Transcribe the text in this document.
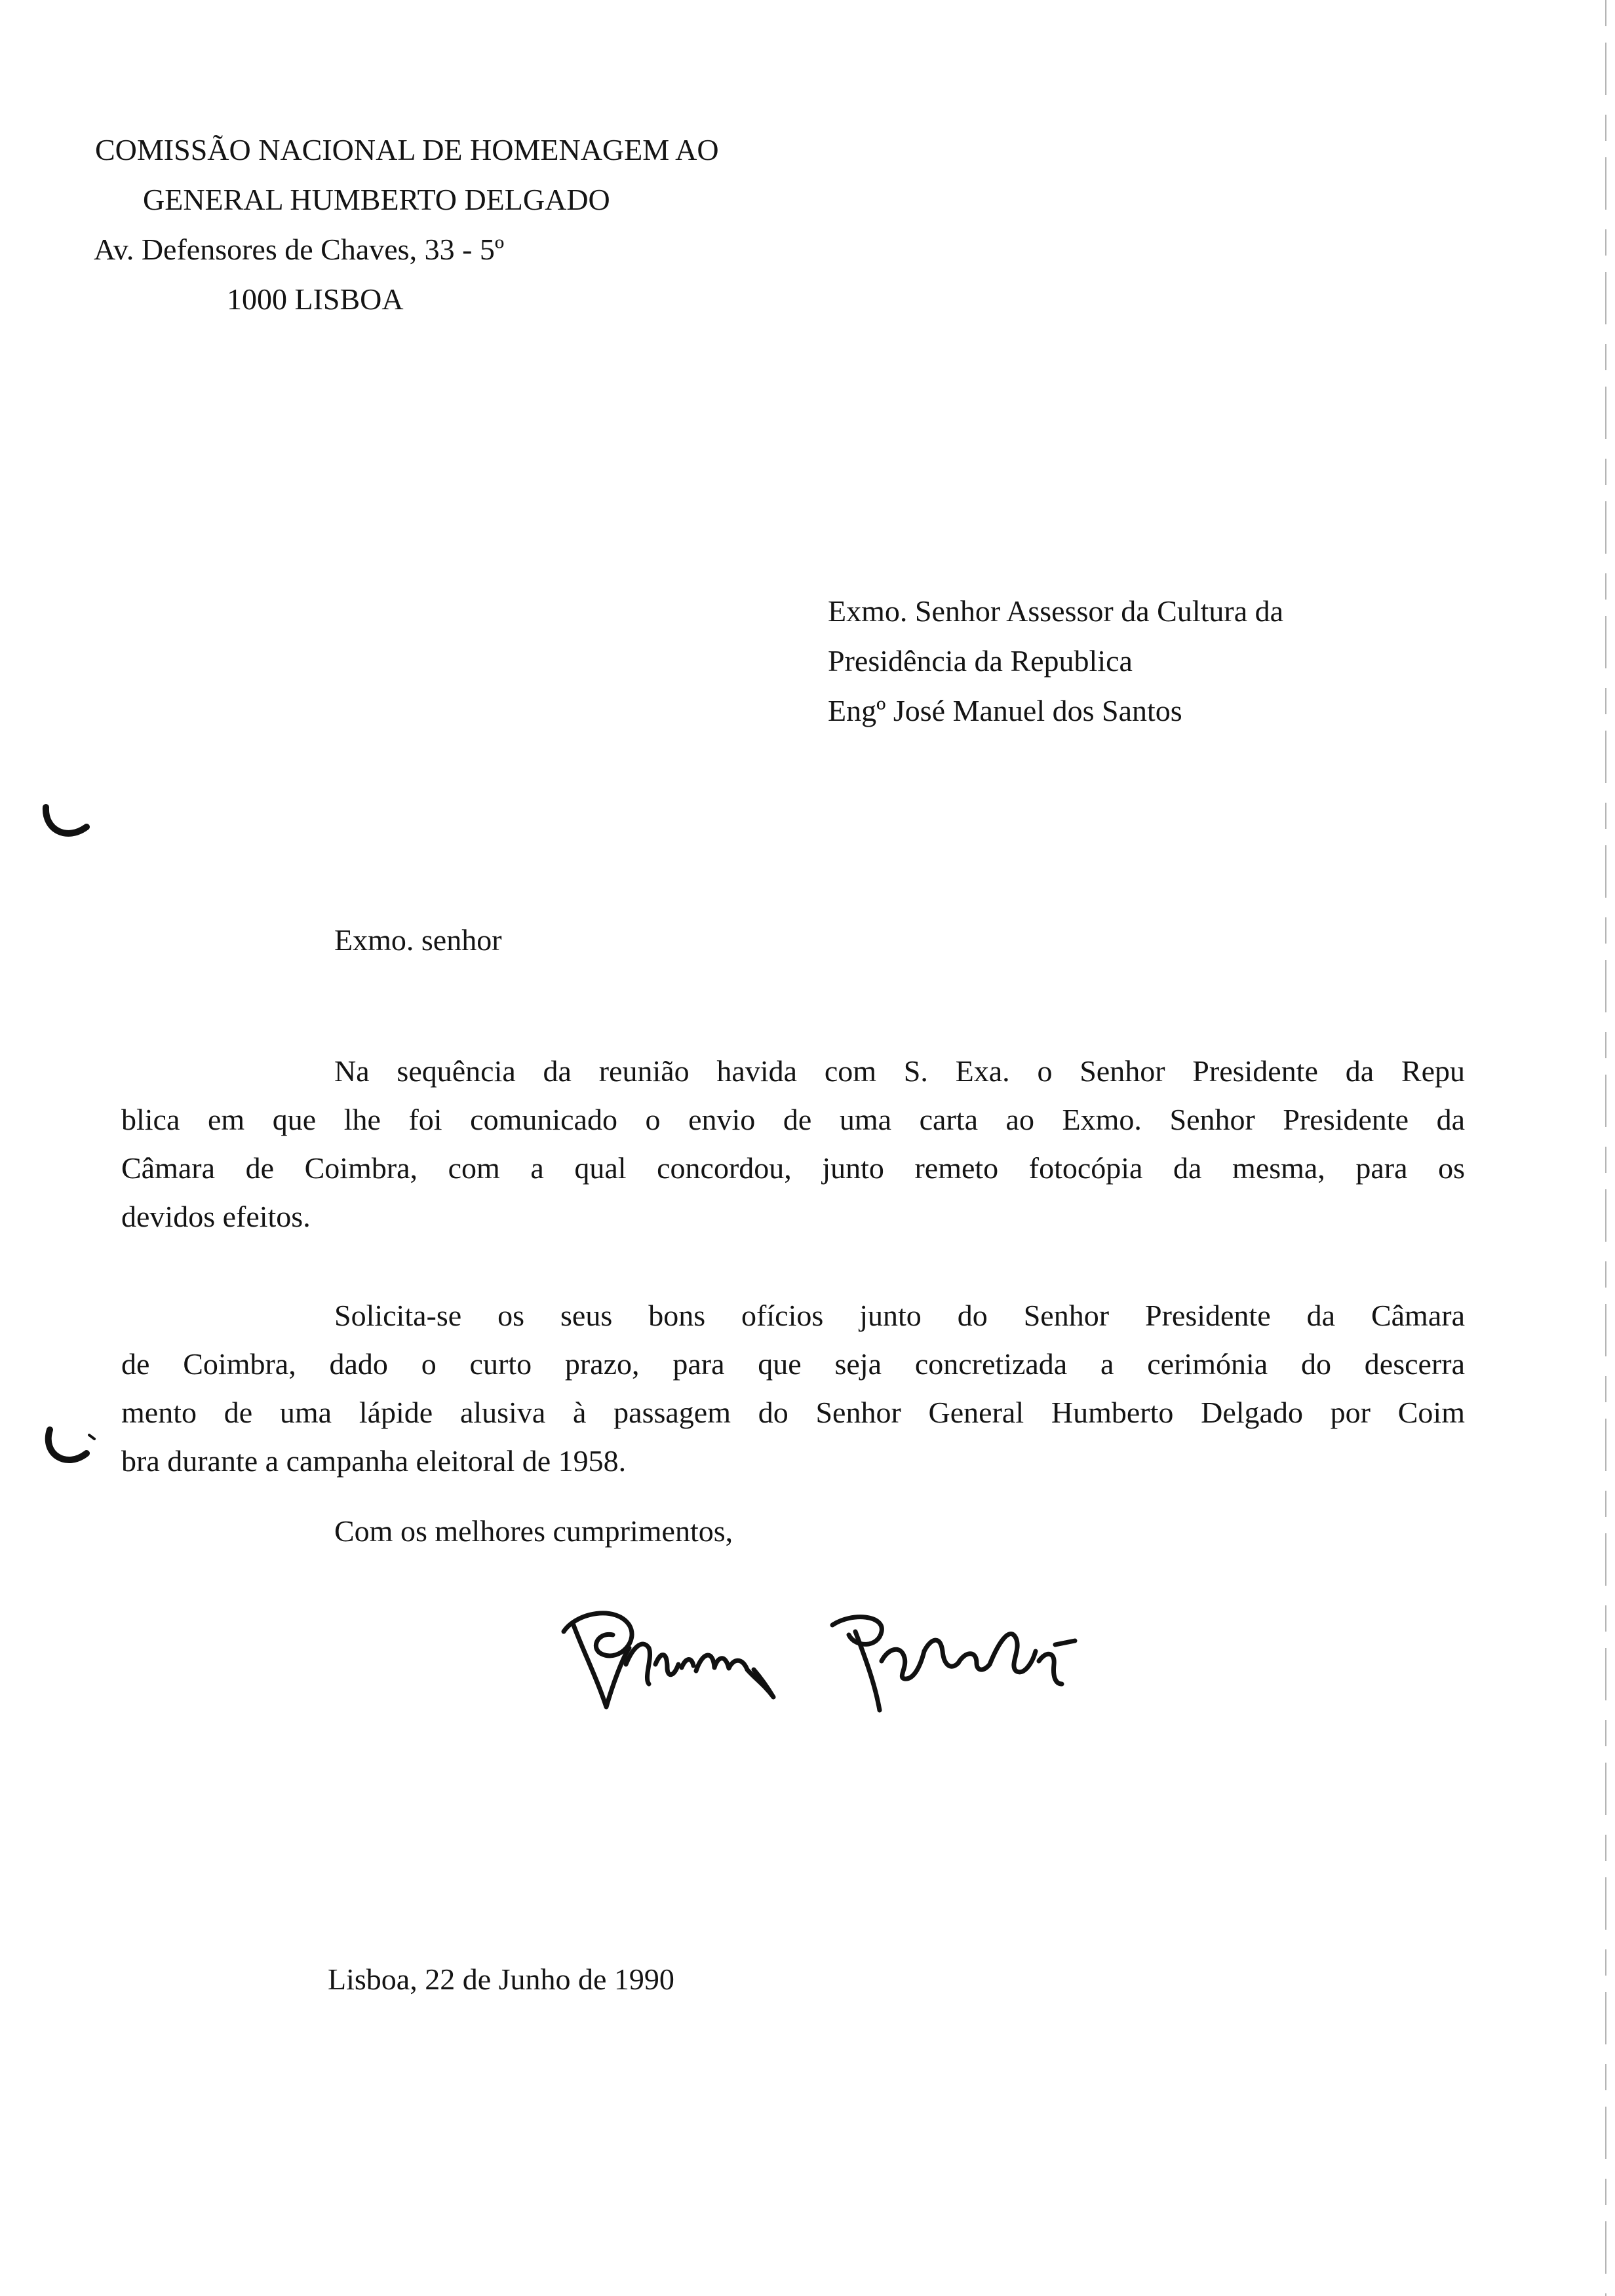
COMISSÃO NACIONAL DE HOMENAGEM AO

GENERAL HUMBERTO DELGADO

Av. Defensores de Chaves, 33 - 5º

1000 LISBOA

Exmo. Senhor Assessor da Cultura da

Presidência da Republica

Engº José Manuel dos Santos

Exmo. senhor

Na sequência da reunião havida com S. Exa. o Senhor Presidente da Repu

blica em que lhe foi comunicado o envio de uma carta ao Exmo. Senhor Presidente da

Câmara de Coimbra, com a qual concordou, junto remeto fotocópia da mesma, para os

devidos efeitos.

Solicita-se os seus bons ofícios junto do Senhor Presidente da Câmara

de Coimbra, dado o curto prazo, para que seja concretizada a cerimónia do descerra

mento de uma lápide alusiva à passagem do Senhor General Humberto Delgado por Coim

bra durante a campanha eleitoral de 1958.

Com os melhores cumprimentos,

Lisboa, 22 de Junho de 1990
